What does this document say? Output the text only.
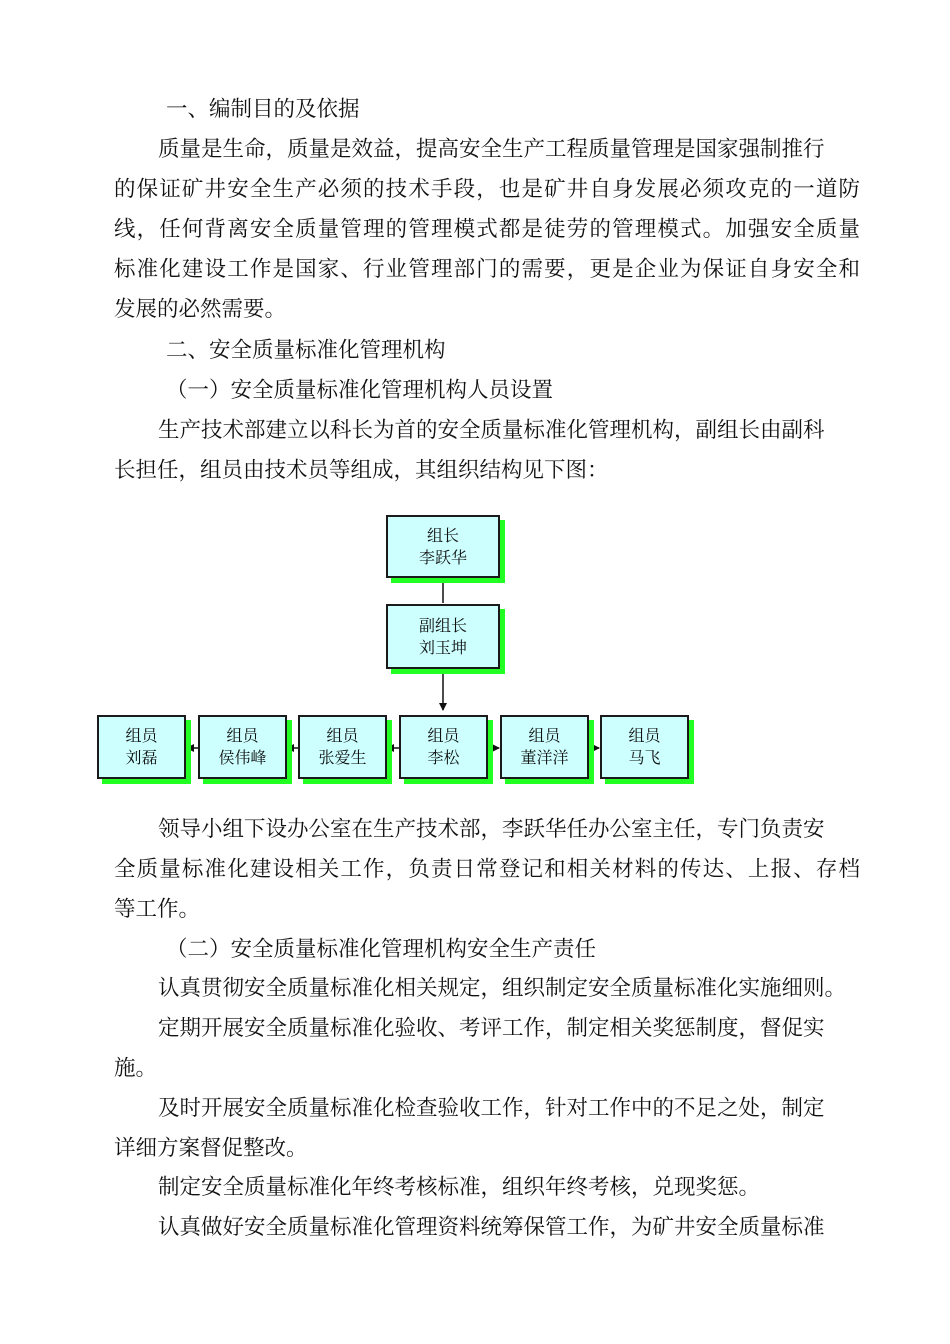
一、编制目的及依据
质量是生命，质量是效益，提高安全生产工程质量管理是国家强制推行
的保证矿井安全生产必须的技术手段，也是矿井自身发展必须攻克的一道防
线，任何背离安全质量管理的管理模式都是徒劳的管理模式。加强安全质量
标准化建设工作是国家、行业管理部门的需要，更是企业为保证自身安全和
发展的必然需要。
二、安全质量标准化管理机构
（一）安全质量标准化管理机构人员设置
生产技术部建立以科长为首的安全质量标准化管理机构，副组长由副科
长担任，组员由技术员等组成，其组织结构见下图：
组长
李跃华
副组长
刘玉坤
组员
刘磊
组员
侯伟峰
组员
张爱生
组员
李松
组员
董洋洋
组员
马飞
领导小组下设办公室在生产技术部，李跃华任办公室主任，专门负责安
全质量标准化建设相关工作，负责日常登记和相关材料的传达、上报、存档
等工作。
（二）安全质量标准化管理机构安全生产责任
认真贯彻安全质量标准化相关规定，组织制定安全质量标准化实施细则。
定期开展安全质量标准化验收、考评工作，制定相关奖惩制度，督促实
施。
及时开展安全质量标准化检查验收工作，针对工作中的不足之处，制定
详细方案督促整改。
制定安全质量标准化年终考核标准，组织年终考核，兑现奖惩。
认真做好安全质量标准化管理资料统筹保管工作，为矿井安全质量标准
